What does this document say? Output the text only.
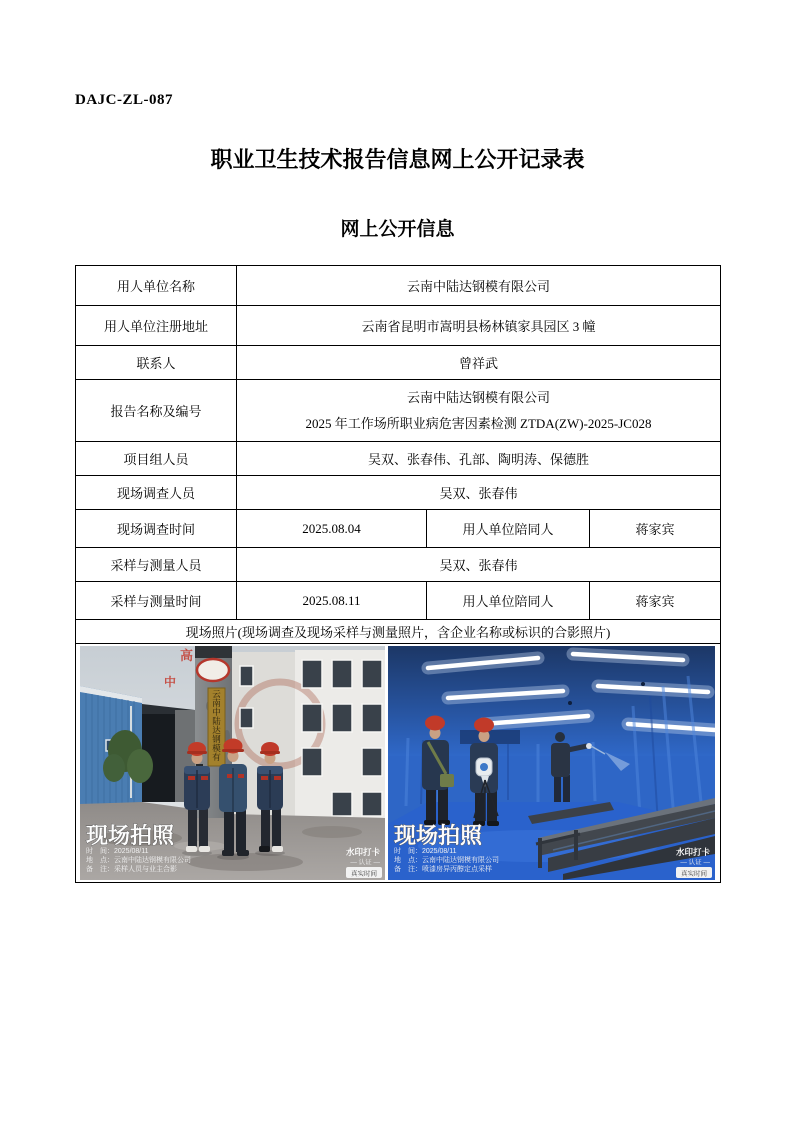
DAJC-ZL-087
职业卫生技术报告信息网上公开记录表
网上公开信息
用人单位名称	云南中陆达钢模有限公司		
用人单位注册地址	云南省昆明市嵩明县杨林镇家具园区 3 幢		
联系人	曾祥武		
报告名称及编号	云南中陆达钢模有限公司
2025 年工作场所职业病危害因素检测 ZTDA(ZW)-2025-JC028		

项目组人员	吴双、张春伟、孔部、陶明涛、保德胜		
现场调查人员	吴双、张春伟		
现场调查时间	2025.08.04	用人单位陪同人	蒋家宾
采样与测量人员	吴双、张春伟		
采样与测量时间	2025.08.11	用人单位陪同人	蒋家宾
现场照片(现场调查及现场采样与测量照片，含企业名称或标识的合影照片)			

云
南
中
陆
达
钢
模
有
高
中
现场拍照
时　间：2025/08/11
地　点：云南中陆达钢模有限公司
备　注：采样人员与业主合影
水印打卡
— 认证 —
真实时间
现场拍照
时　间：2025/08/11
地　点：云南中陆达钢模有限公司
备　注：喷漆房异丙醇定点采样
水印打卡
— 认证 —
真实时间
